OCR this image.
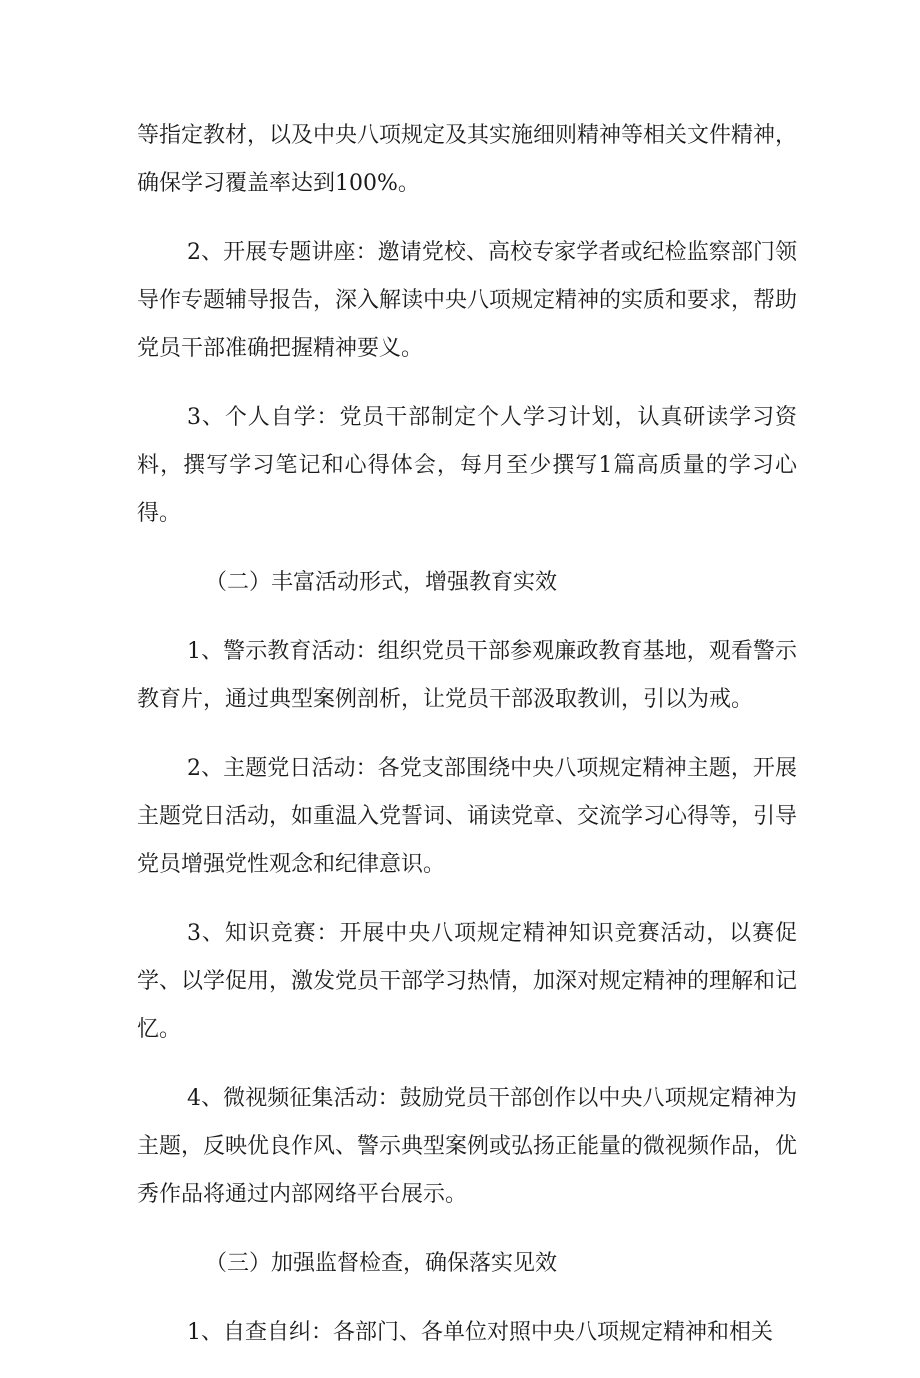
等指定教材，以及中央八项规定及其实施细则精神等相关文件精神，确保学习覆盖率达到100%。

2、开展专题讲座：邀请党校、高校专家学者或纪检监察部门领导作专题辅导报告，深入解读中央八项规定精神的实质和要求，帮助党员干部准确把握精神要义。

3、个人自学：党员干部制定个人学习计划，认真研读学习资料，撰写学习笔记和心得体会，每月至少撰写1篇高质量的学习心得。

（二）丰富活动形式，增强教育实效

1、警示教育活动：组织党员干部参观廉政教育基地，观看警示教育片，通过典型案例剖析，让党员干部汲取教训，引以为戒。

2、主题党日活动：各党支部围绕中央八项规定精神主题，开展主题党日活动，如重温入党誓词、诵读党章、交流学习心得等，引导党员增强党性观念和纪律意识。

3、知识竞赛：开展中央八项规定精神知识竞赛活动，以赛促学、以学促用，激发党员干部学习热情，加深对规定精神的理解和记忆。

4、微视频征集活动：鼓励党员干部创作以中央八项规定精神为主题，反映优良作风、警示典型案例或弘扬正能量的微视频作品，优秀作品将通过内部网络平台展示。

（三）加强监督检查，确保落实见效

1、自查自纠：各部门、各单位对照中央八项规定精神和相关
